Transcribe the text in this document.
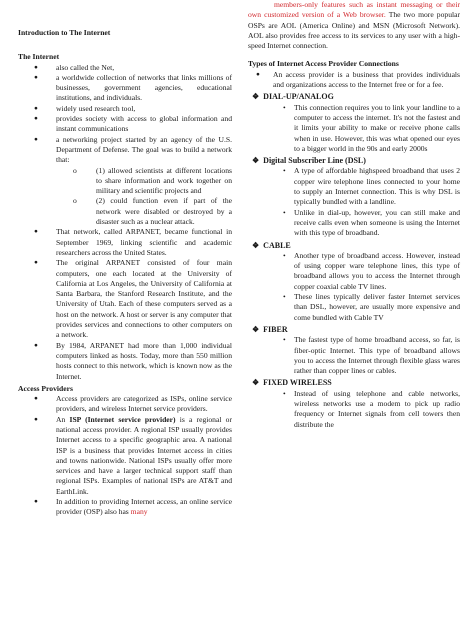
Introduction to The Internet

The Internet

● also called the Net,

● a worldwide collection of networks that links millions of businesses, government agencies, educational institutions, and individuals.

● widely used research tool,

● provides society with access to global information and instant communications

● a networking project started by an agency of the U.S. Department of Defense. The goal was to build a network that:

o	(1) allowed scientists at different locations to share information and work together on military and scientific projects and
o	(2) could function even if part of the network were disabled or destroyed by a disaster such as a nuclear attack.

● That network, called ARPANET, became functional in September 1969, linking scientific and academic researchers across the United States.

● The original ARPANET consisted of four main computers, one each located at the University of California at Los Angeles, the University of California at Santa Barbara, the Stanford Research Institute, and the University of Utah. Each of these computers served as a host on the network. A host or server is any computer that provides services and connections to other computers on a network.

● By 1984, ARPANET had more than 1,000 individual computers linked as hosts. Today, more than 550 million hosts connect to this network, which is known now as the Internet.

Access Providers

● Access providers are categorized as ISPs, online service providers, and wireless Internet service providers.

● An ISP (Internet service provider) is a regional or national access provider. A regional ISP usually provides Internet access to a specific geographic area. A national ISP is a business that provides Internet access in cities and towns nationwide. National ISPs usually offer more services and have a larger technical support staff than regional ISPs. Examples of national ISPs are AT&T and EarthLink.

● In addition to providing Internet access, an online service provider (OSP) also has many

members-only features such as instant messaging or their own customized version of a Web browser. The two more popular OSPs are AOL (America Online) and MSN (Microsoft Network). AOL also provides free access to its services to any user with a high-speed Internet connection.

Types of Internet Access Provider Connections

● An access provider is a business that provides individuals and organizations access to the Internet free or for a fee.

❖ DIAL-UP/ANALOG

• This connection requires you to link your landline to a computer to access the internet. It's not the fastest and it limits your ability to make or receive phone calls when in use. However, this was what opened our eyes to a bigger world in the 90s and early 2000s

❖ Digital Subscriber Line (DSL)

• A type of affordable highspeed broadband that uses 2 copper wire telephone lines connected to your home to supply an Internet connection. This is why DSL is typically bundled with a landline.

• Unlike in dial-up, however, you can still make and receive calls even when someone is using the Internet with this type of broadband.

❖ CABLE

• Another type of broadband access. However, instead of using copper ware telephone lines, this type of broadband allows you to access the Internet through copper coaxial cable TV lines.

• These lines typically deliver faster Internet services than DSL, however, are usually more expensive and come bundled with Cable TV

❖ FIBER

• The fastest type of home broadband access, so far, is fiber-optic Internet. This type of broadband allows you to access the Internet through flexible glass wares rather than copper lines or cables.

❖ FIXED WIRELESS

• Instead of using telephone and cable networks, wireless networks use a modem to pick up radio frequency or Internet signals from cell towers then distribute the
